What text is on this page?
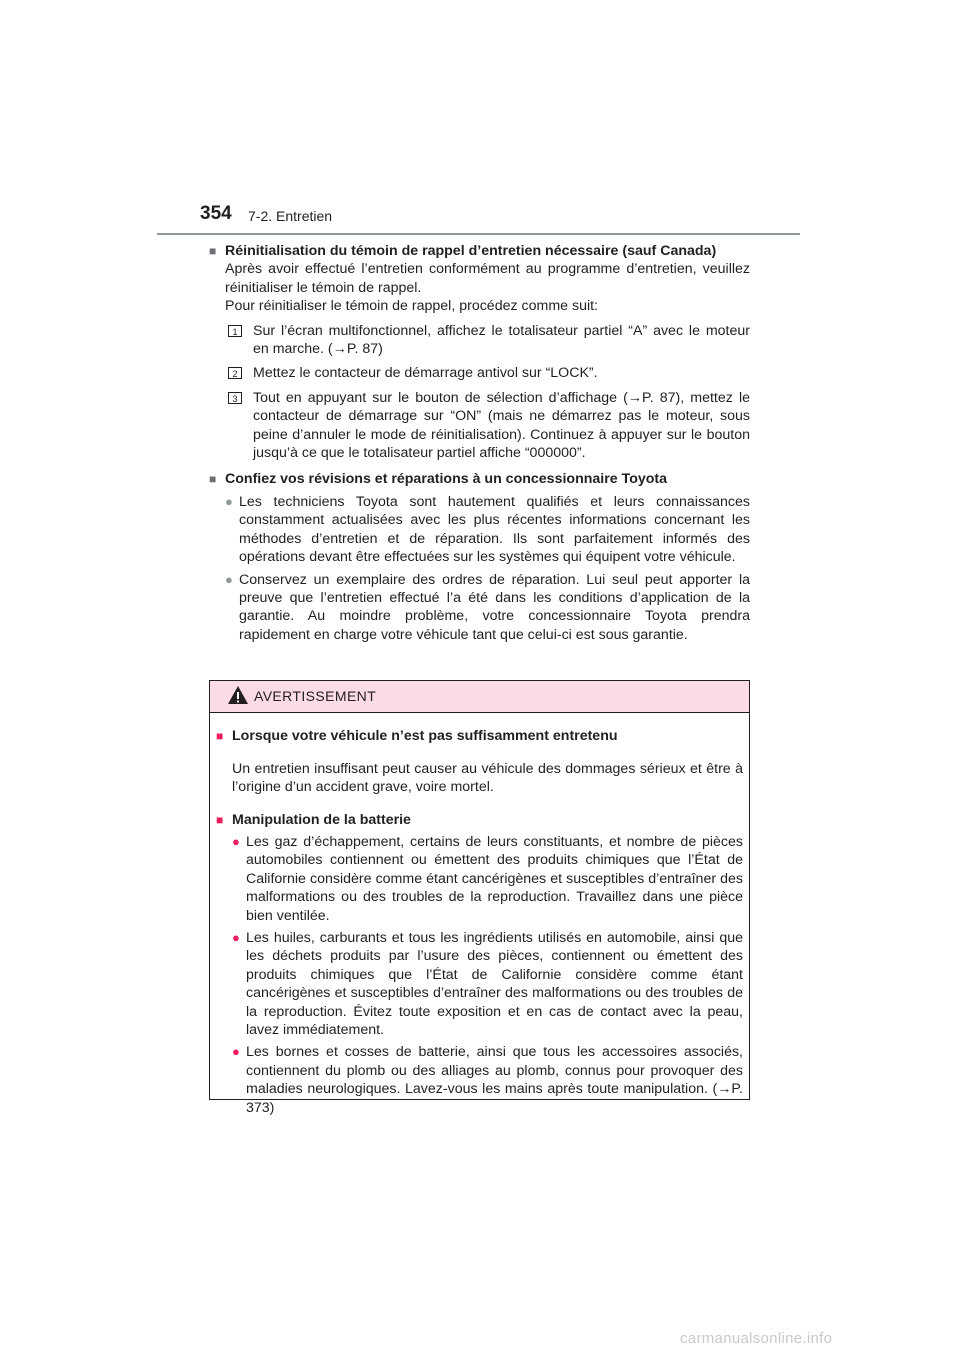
354 7-2. Entretien
■ Réinitialisation du témoin de rappel d’entretien nécessaire (sauf Canada)

Après avoir effectué l’entretien conformément au programme d’entretien, veuillez réinitialiser le témoin de rappel.

Pour réinitialiser le témoin de rappel, procédez comme suit:

1	Sur l’écran multifonctionnel, affichez le totalisateur partiel “A” avec le moteur en marche. (→P. 87)
2	Mettez le contacteur de démarrage antivol sur “LOCK”.
3	Tout en appuyant sur le bouton de sélection d’affichage (→P. 87), mettez le contacteur de démarrage sur “ON” (mais ne démarrez pas le moteur, sous peine d’annuler le mode de réinitialisation). Continuez à appuyer sur le bouton jusqu’à ce que le totalisateur partiel affiche “000000”.
■ Confiez vos révisions et réparations à un concessionnaire Toyota
● Les techniciens Toyota sont hautement qualifiés et leurs connaissances constamment actualisées avec les plus récentes informations concernant les méthodes d’entretien et de réparation. Ils sont parfaitement informés des opérations devant être effectuées sur les systèmes qui équipent votre véhicule.
● Conservez un exemplaire des ordres de réparation. Lui seul peut apporter la preuve que l’entretien effectué l’a été dans les conditions d’application de la garantie. Au moindre problème, votre concessionnaire Toyota prendra rapidement en charge votre véhicule tant que celui-ci est sous garantie.
AVERTISSEMENT
■ Lorsque votre véhicule n’est pas suffisamment entretenu

Un entretien insuffisant peut causer au véhicule des dommages sérieux et être à l’origine d’un accident grave, voire mortel.

■ Manipulation de la batterie
● Les gaz d’échappement, certains de leurs constituants, et nombre de pièces automobiles contiennent ou émettent des produits chimiques que l’État de Californie considère comme étant cancérigènes et susceptibles d’entraîner des malformations ou des troubles de la reproduction. Travaillez dans une pièce bien ventilée.
● Les huiles, carburants et tous les ingrédients utilisés en automobile, ainsi que les déchets produits par l’usure des pièces, contiennent ou émettent des produits chimiques que l’État de Californie considère comme étant cancérigènes et susceptibles d’entraîner des malformations ou des troubles de la reproduction. Évitez toute exposition et en cas de contact avec la peau, lavez immédiatement.
● Les bornes et cosses de batterie, ainsi que tous les accessoires associés, contiennent du plomb ou des alliages au plomb, connus pour provoquer des maladies neurologiques. Lavez-vous les mains après toute manipulation. (→P. 373)
carmanualsonline.info
